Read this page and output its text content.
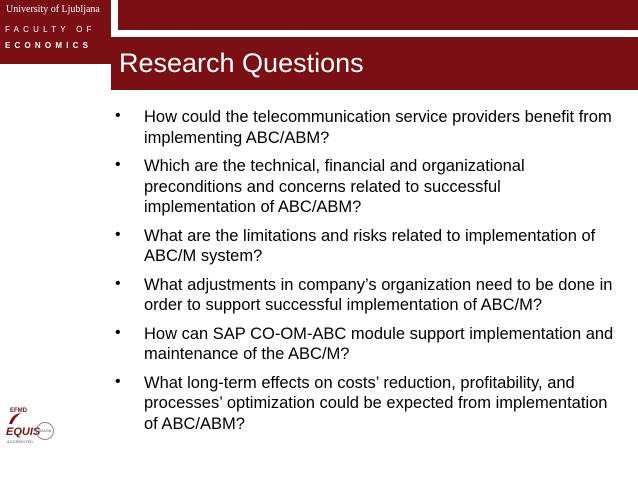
University of Ljubljana
FACULTY OF
ECONOMICS
Research Questions
• How could the telecommunication service providers benefit from implementing ABC/ABM?
• Which are the technical, financial and organizational preconditions and concerns related to successful implementation of ABC/ABM?
• What are the limitations and risks related to implementation of ABC/M system?
• What adjustments in company’s organization need to be done in order to support successful implementation of ABC/M?
• How can SAP CO-OM-ABC module support implementation and maintenance of the ABC/M?
• What long-term effects on costs’ reduction, profitability, and processes’ optimization could be expected from implementation of ABC/ABM?
EFMD
EQUIS
ACCREDITED
AACSB
